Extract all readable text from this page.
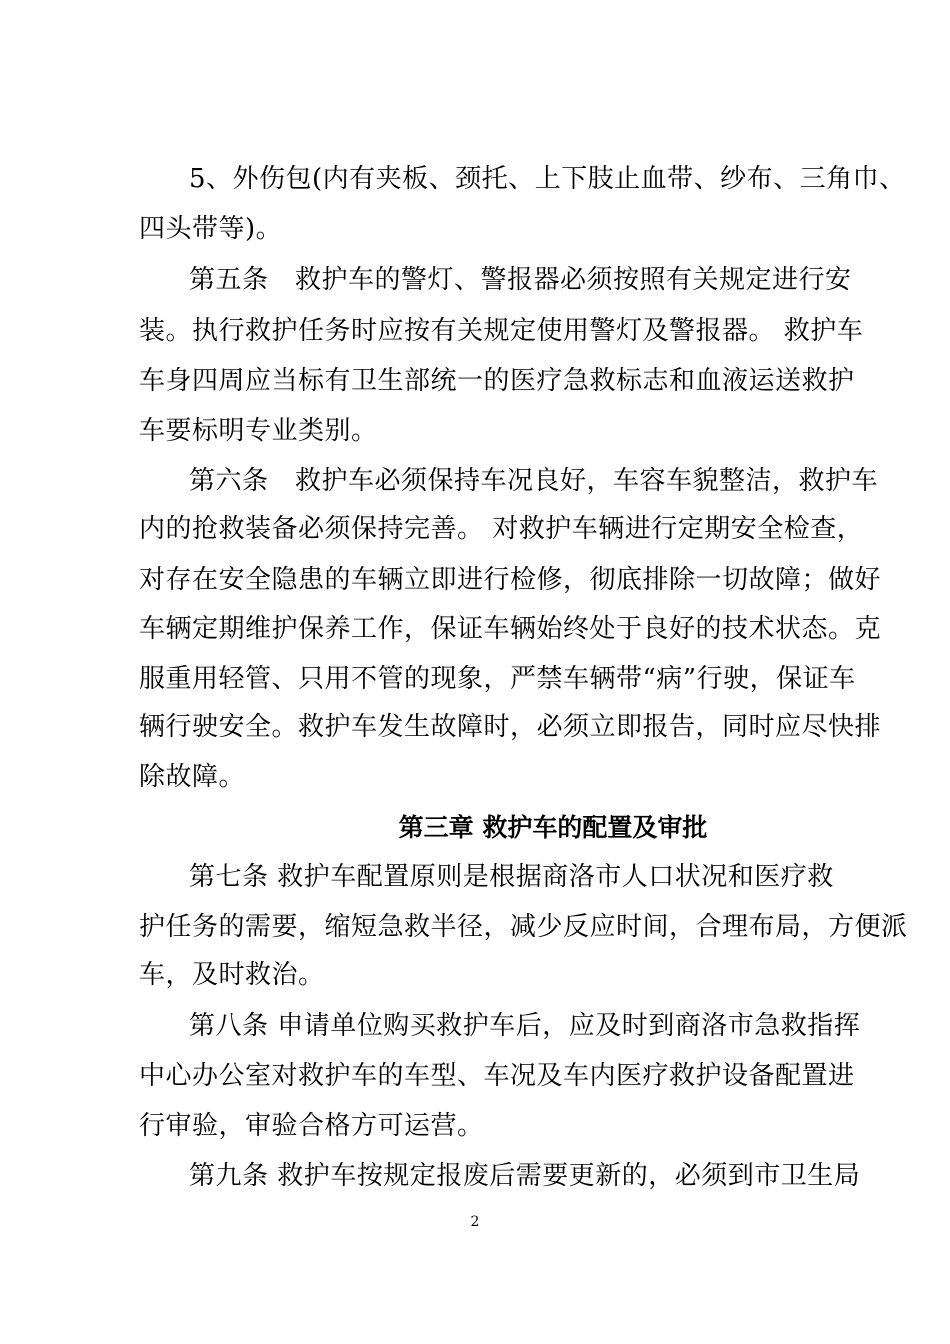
5、外伤包(内有夹板、颈托、上下肢止血带、纱布、三角巾、
四头带等)。
第五条　救护车的警灯、警报器必须按照有关规定进行安
装。执行救护任务时应按有关规定使用警灯及警报器。 救护车
车身四周应当标有卫生部统一的医疗急救标志和血液运送救护
车要标明专业类别。
第六条　救护车必须保持车况良好，车容车貌整洁，救护车
内的抢救装备必须保持完善。 对救护车辆进行定期安全检查，
对存在安全隐患的车辆立即进行检修，彻底排除一切故障；做好
车辆定期维护保养工作，保证车辆始终处于良好的技术状态。克
服重用轻管、只用不管的现象，严禁车辆带“病”行驶，保证车
辆行驶安全。救护车发生故障时，必须立即报告，同时应尽快排
除故障。
第三章 救护车的配置及审批
第七条 救护车配置原则是根据商洛市人口状况和医疗救
护任务的需要，缩短急救半径，减少反应时间，合理布局，方便派
车，及时救治。
第八条 申请单位购买救护车后，应及时到商洛市急救指挥
中心办公室对救护车的车型、车况及车内医疗救护设备配置进
行审验，审验合格方可运营。
第九条 救护车按规定报废后需要更新的，必须到市卫生局
2
